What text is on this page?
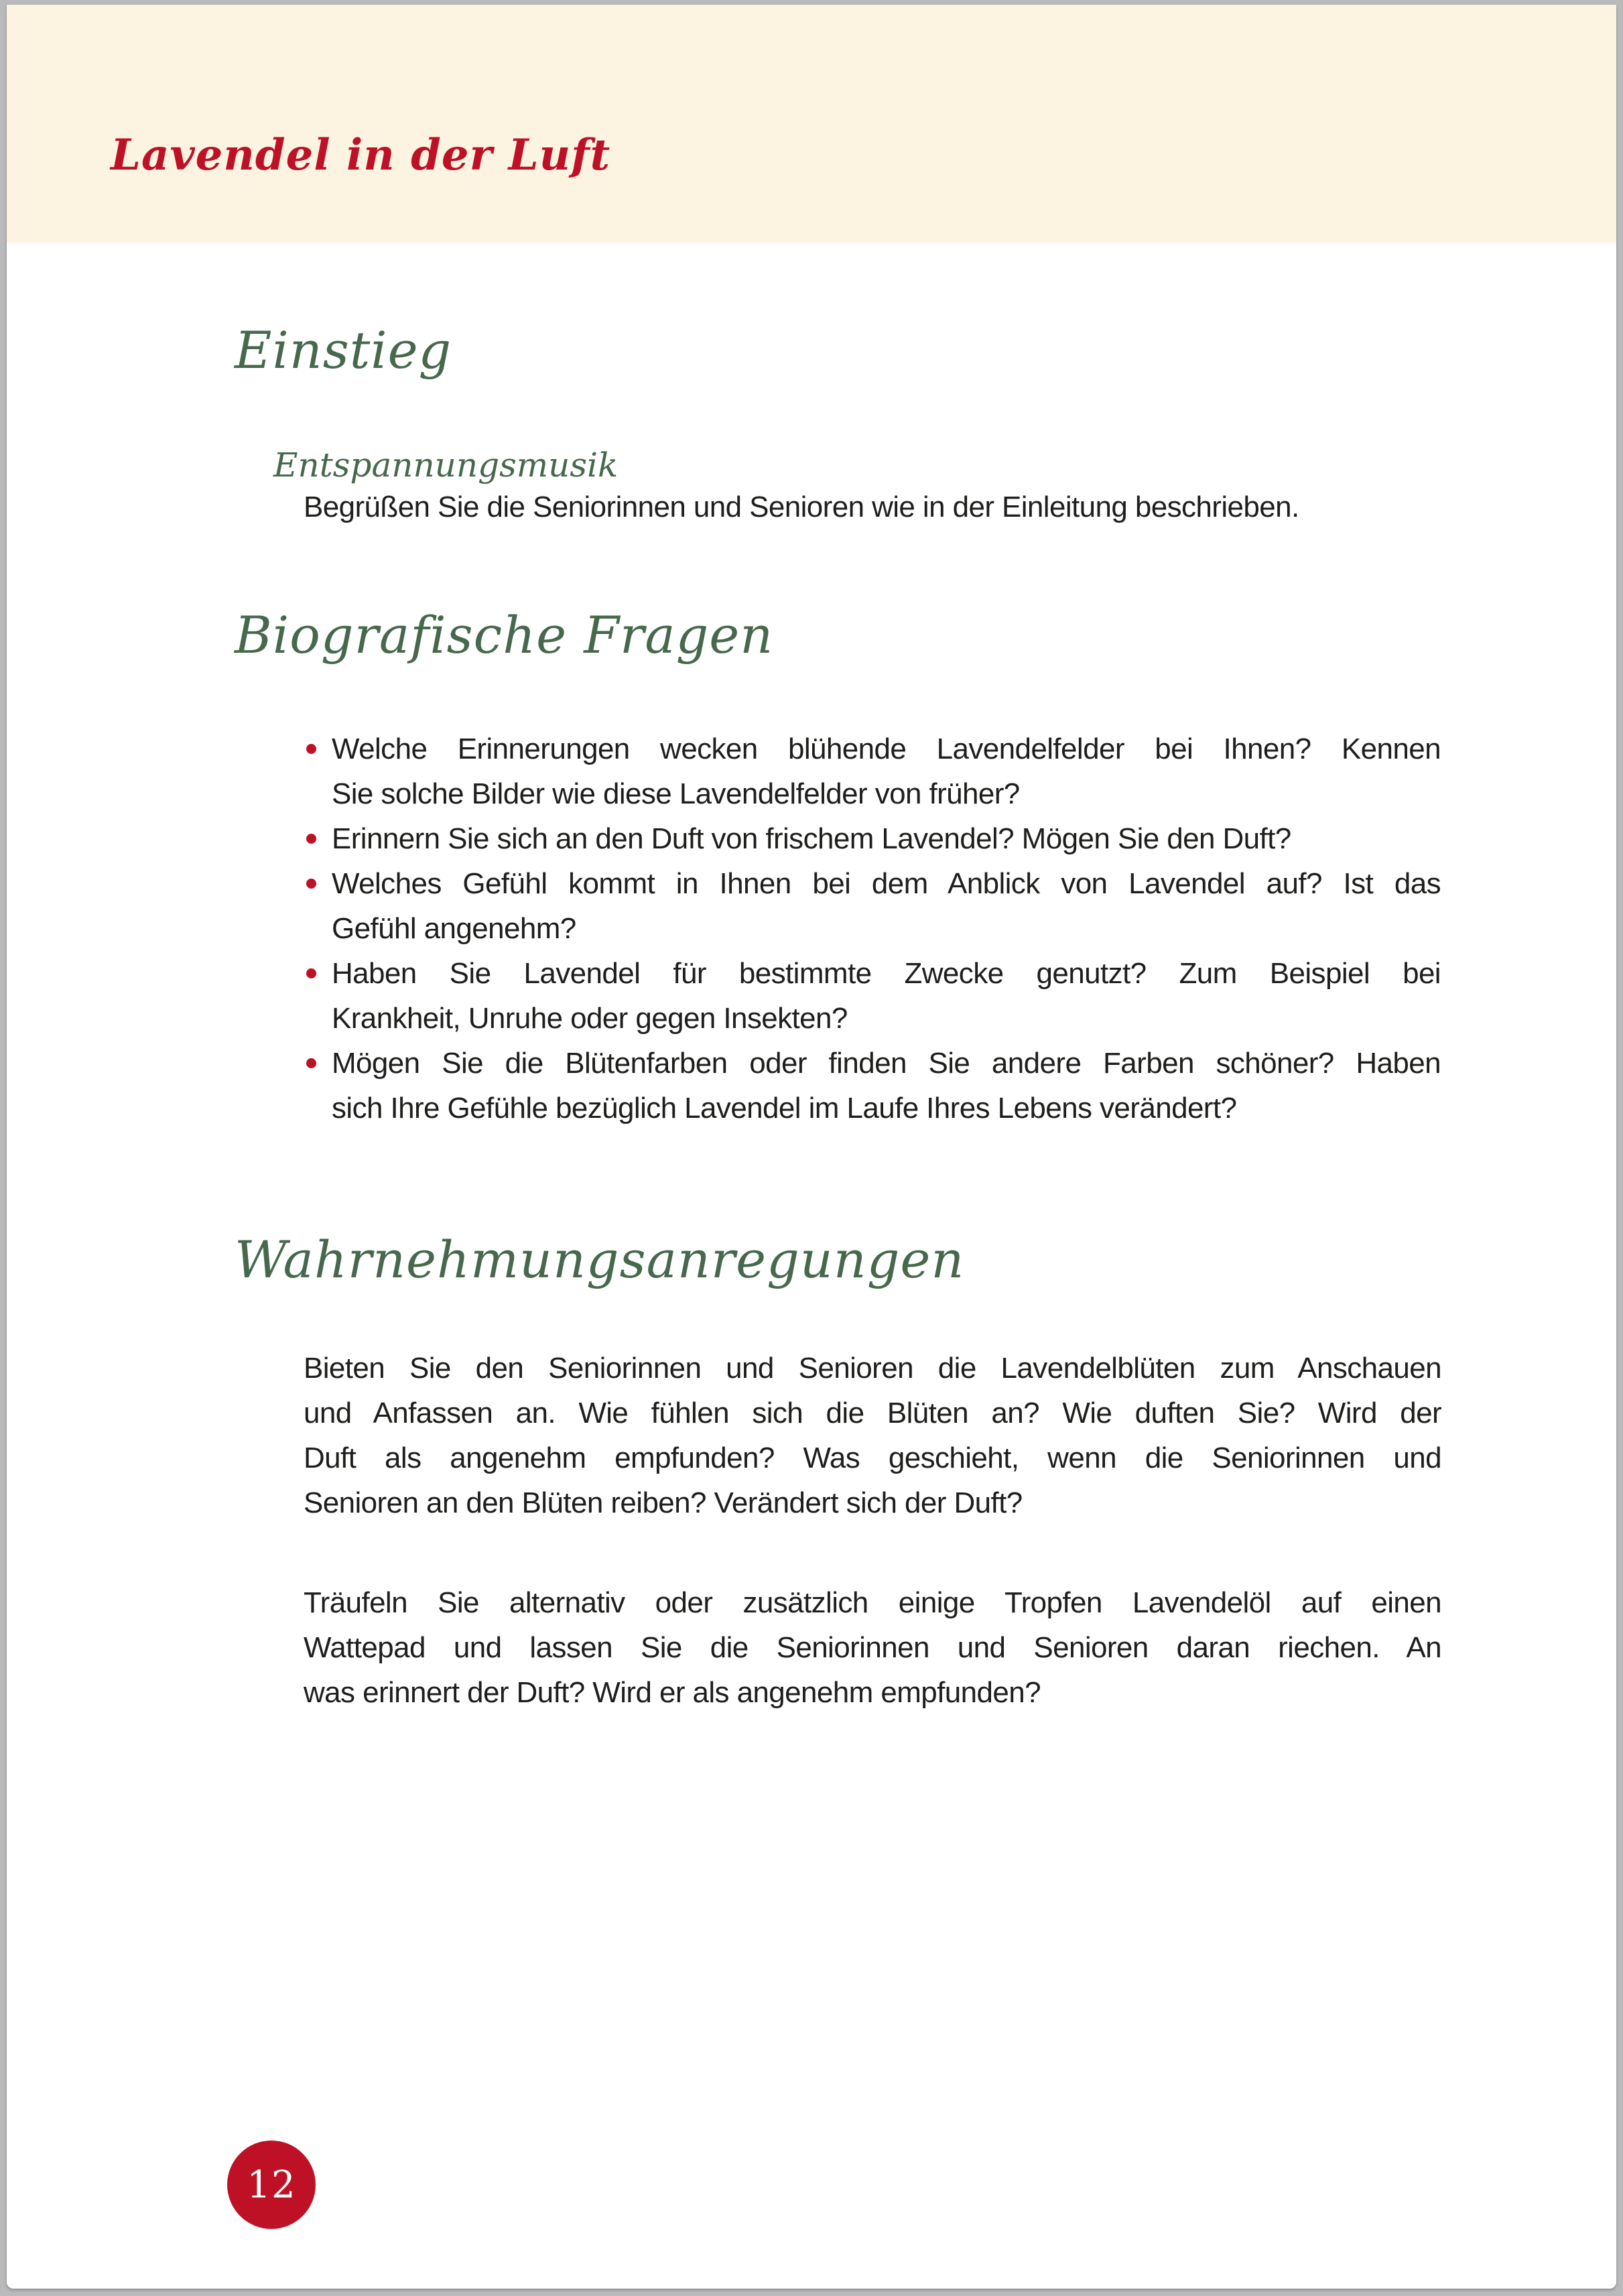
Lavendel in der Luft
Einstieg
Entspannungsmusik
Begrüßen Sie die Seniorinnen und Senioren wie in der Einleitung beschrieben.
Biografische Fragen
Welche Erinnerungen wecken blühende Lavendelfelder bei Ihnen? Kennen
Sie solche Bilder wie diese Lavendelfelder von früher?
Erinnern Sie sich an den Duft von frischem Lavendel? Mögen Sie den Duft?
Welches Gefühl kommt in Ihnen bei dem Anblick von Lavendel auf? Ist das
Gefühl angenehm?
Haben Sie Lavendel für bestimmte Zwecke genutzt? Zum Beispiel bei
Krankheit, Unruhe oder gegen Insekten?
Mögen Sie die Blütenfarben oder finden Sie andere Farben schöner? Haben
sich Ihre Gefühle bezüglich Lavendel im Laufe Ihres Lebens verändert?
Wahrnehmungsanregungen
Bieten Sie den Seniorinnen und Senioren die Lavendelblüten zum Anschauen
und Anfassen an. Wie fühlen sich die Blüten an? Wie duften Sie? Wird der
Duft als angenehm empfunden? Was geschieht, wenn die Seniorinnen und
Senioren an den Blüten reiben? Verändert sich der Duft?
Träufeln Sie alternativ oder zusätzlich einige Tropfen Lavendelöl auf einen
Wattepad und lassen Sie die Seniorinnen und Senioren daran riechen. An
was erinnert der Duft? Wird er als angenehm empfunden?
12
